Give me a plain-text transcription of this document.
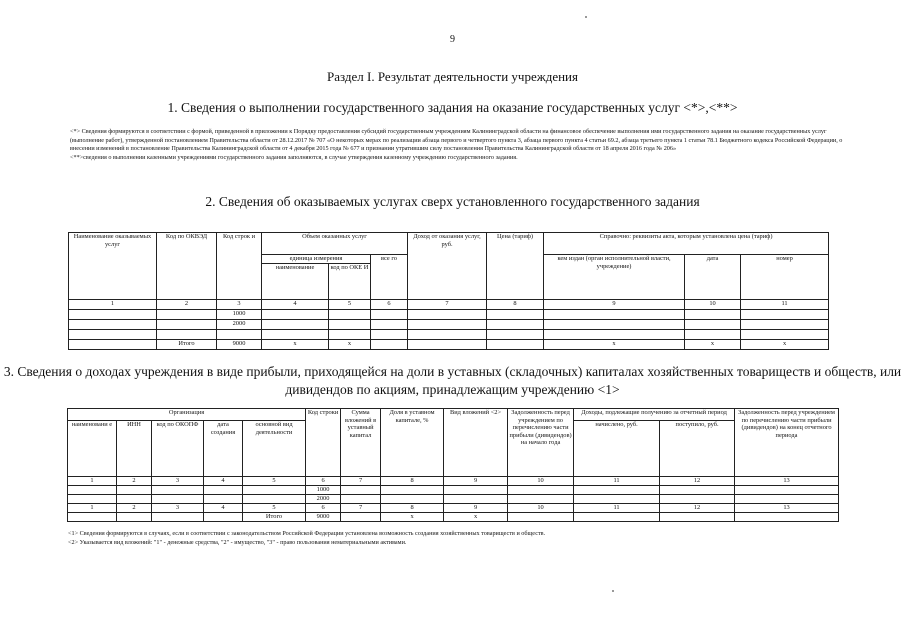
9
Раздел I. Результат деятельности учреждения
1. Сведения о выполнении государственного задания на оказание государственных услуг <*>,<**>
<*> Сведения формируются в соответствии с формой, приведенной в приложении к Порядку предоставления субсидий государственным учреждениям Калининградской области на финансовое обеспечение выполнения ими государственного задания на оказание государственных услуг (выполнение работ), утвержденной постановлением Правительства области от 28.12.2017 № 707 «О некоторых мерах по реализации абзаца первого и четвертого пункта 3, абзаца первого пункта 4 статьи 69.2, абзаца третьего пункта 1 статьи 78.1 Бюджетного кодекса Российской Федерации, о внесении изменений в постановление Правительства Калининградской области от 4 декабря 2015 года № 677 и признании утратившим силу постановления Правительства Калининградской области от 18 апреля 2016 года № 206»
<**>сведения о выполнении казенными учреждениями государственного задания заполняются, в случае утверждения казенному учреждению государственного задания.
2. Сведения об оказываемых услугах сверх установленного государственного задания
Наименование оказываемых услуг	Код по ОКВЭД	Код строк и	Объем оказанных услуг			Доход от оказания услуг, руб.	Цена (тариф)	Справочно: реквизиты акта, которым установлена цена (тариф)		
			единица измерения		все го			кем издан (орган исполнительной власти, учреждение)	дата	номер
			наименование	код по ОКЕ И						
1	2	3	4	5	6	7	8	9	10	11
		1000								
		2000								

	Итого	9000	x	x				x	x	x
3. Сведения о доходах учреждения в виде прибыли, приходящейся на доли в уставных (складочных) капиталах хозяйственных товариществ и обществ, или дивидендов по акциям, принадлежащим учреждению <1>
Организация					Код строки	Сумма вложений в уставный капитал	Доля в уставном капитале, %	Вид вложений <2>	Задолженность перед учреждением по перечислению части прибыли (дивидендов) на начало года	Доходы, подлежащие получению за отчетный период		Задолженность перед учреждением по перечислению части прибыли (дивидендов) на конец отчетного периода
наименовани е	ИНН	код по ОКОПФ	дата создания	основной вид деятельности						начислено, руб.	поступило, руб.	
1	2	3	4	5	6	7	8	9	10	11	12	13
					1000							
					2000							
1	2	3	4	5	6	7	8	9	10	11	12	13
				Итого	9000		x	x				
<1> Сведения формируются в случаях, если в соответствии с законодательством Российской Федерации установлена возможность создания хозяйственных товариществ и обществ.
<2> Указывается вид вложений: "1" - денежные средства, "2" - имущество, "3" - право пользования нематериальными активами.
